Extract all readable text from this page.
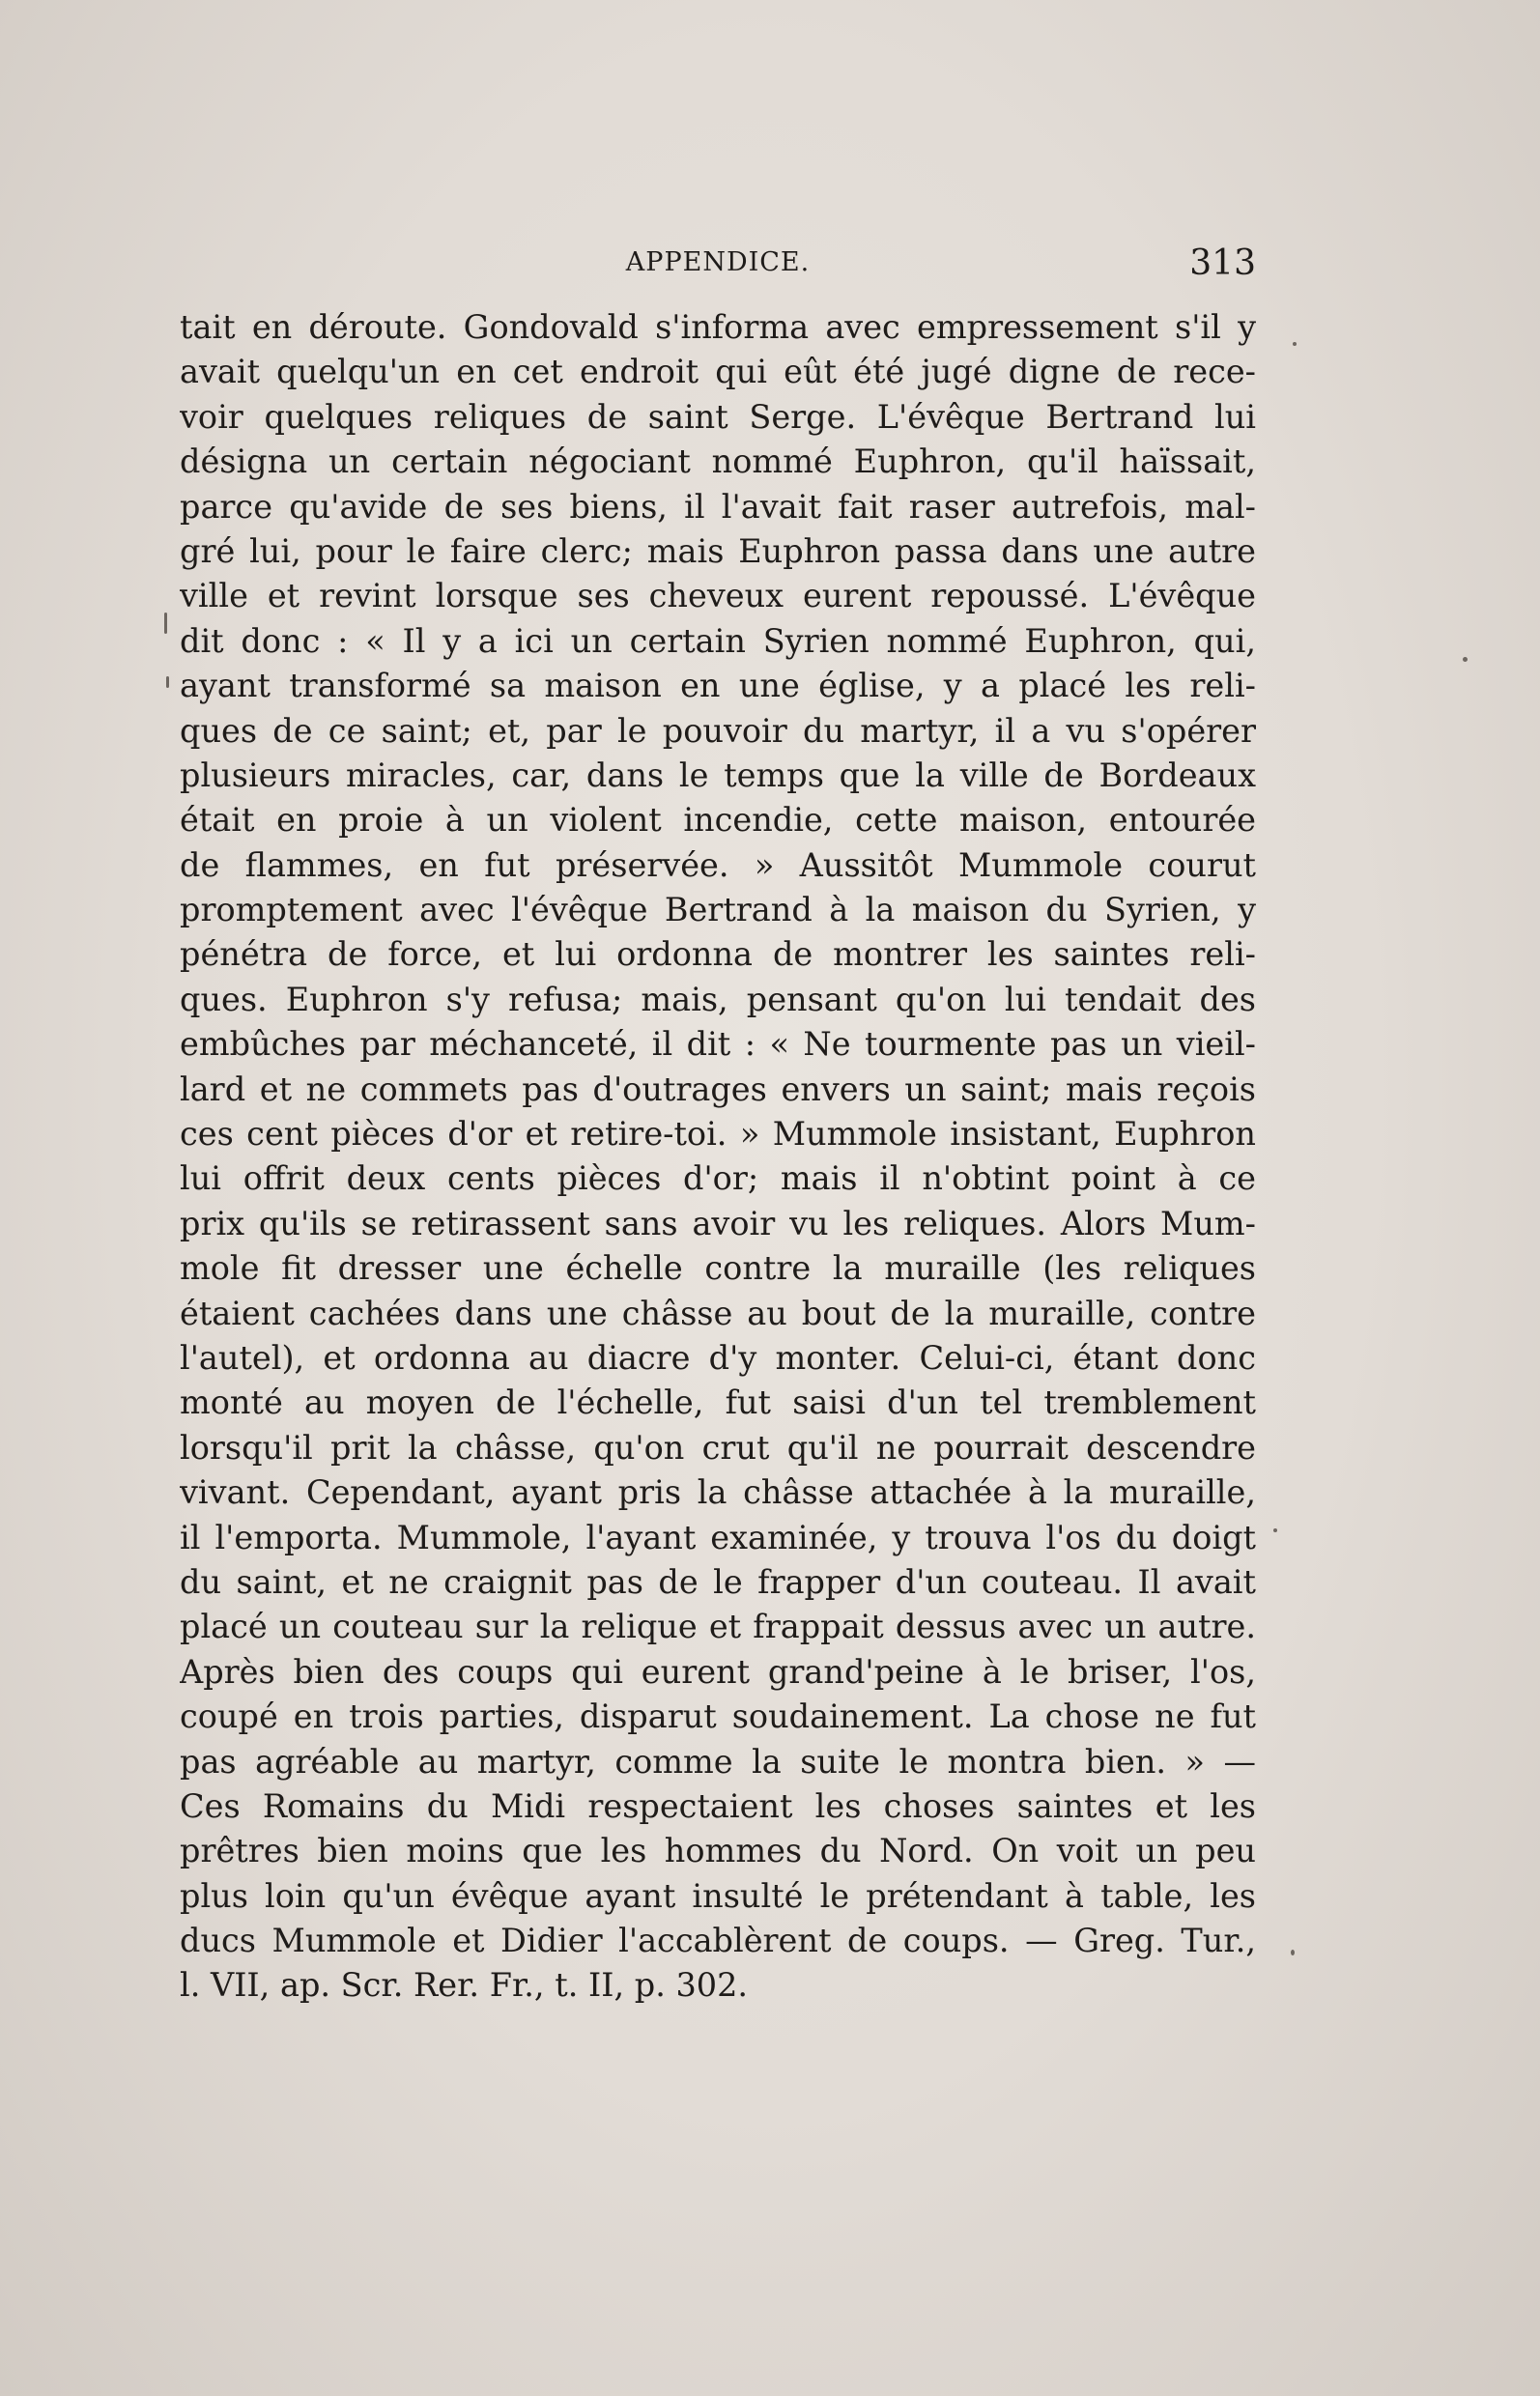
APPENDICE.	313
tait en déroute. Gondovald s'informa avec empressement s'il y
avait quelqu'un en cet endroit qui eût été jugé digne de rece-
voir quelques reliques de saint Serge. L'évêque Bertrand lui
désigna un certain négociant nommé Euphron, qu'il haïssait,
parce qu'avide de ses biens, il l'avait fait raser autrefois, mal-
gré lui, pour le faire clerc; mais Euphron passa dans une autre
ville et revint lorsque ses cheveux eurent repoussé. L'évêque
dit donc : « Il y a ici un certain Syrien nommé Euphron, qui,
ayant transformé sa maison en une église, y a placé les reli-
ques de ce saint; et, par le pouvoir du martyr, il a vu s'opérer
plusieurs miracles, car, dans le temps que la ville de Bordeaux
était en proie à un violent incendie, cette maison, entourée
de flammes, en fut préservée. » Aussitôt Mummole courut
promptement avec l'évêque Bertrand à la maison du Syrien, y
pénétra de force, et lui ordonna de montrer les saintes reli-
ques. Euphron s'y refusa; mais, pensant qu'on lui tendait des
embûches par méchanceté, il dit : « Ne tourmente pas un vieil-
lard et ne commets pas d'outrages envers un saint; mais reçois
ces cent pièces d'or et retire-toi. » Mummole insistant, Euphron
lui offrit deux cents pièces d'or; mais il n'obtint point à ce
prix qu'ils se retirassent sans avoir vu les reliques. Alors Mum-
mole fit dresser une échelle contre la muraille (les reliques
étaient cachées dans une châsse au bout de la muraille, contre
l'autel), et ordonna au diacre d'y monter. Celui-ci, étant donc
monté au moyen de l'échelle, fut saisi d'un tel tremblement
lorsqu'il prit la châsse, qu'on crut qu'il ne pourrait descendre
vivant. Cependant, ayant pris la châsse attachée à la muraille,
il l'emporta. Mummole, l'ayant examinée, y trouva l'os du doigt
du saint, et ne craignit pas de le frapper d'un couteau. Il avait
placé un couteau sur la relique et frappait dessus avec un autre.
Après bien des coups qui eurent grand'peine à le briser, l'os,
coupé en trois parties, disparut soudainement. La chose ne fut
pas agréable au martyr, comme la suite le montra bien. » —
Ces Romains du Midi respectaient les choses saintes et les
prêtres bien moins que les hommes du Nord. On voit un peu
plus loin qu'un évêque ayant insulté le prétendant à table, les
ducs Mummole et Didier l'accablèrent de coups. — Greg. Tur.,
l. VII, ap. Scr. Rer. Fr., t. II, p. 302.
